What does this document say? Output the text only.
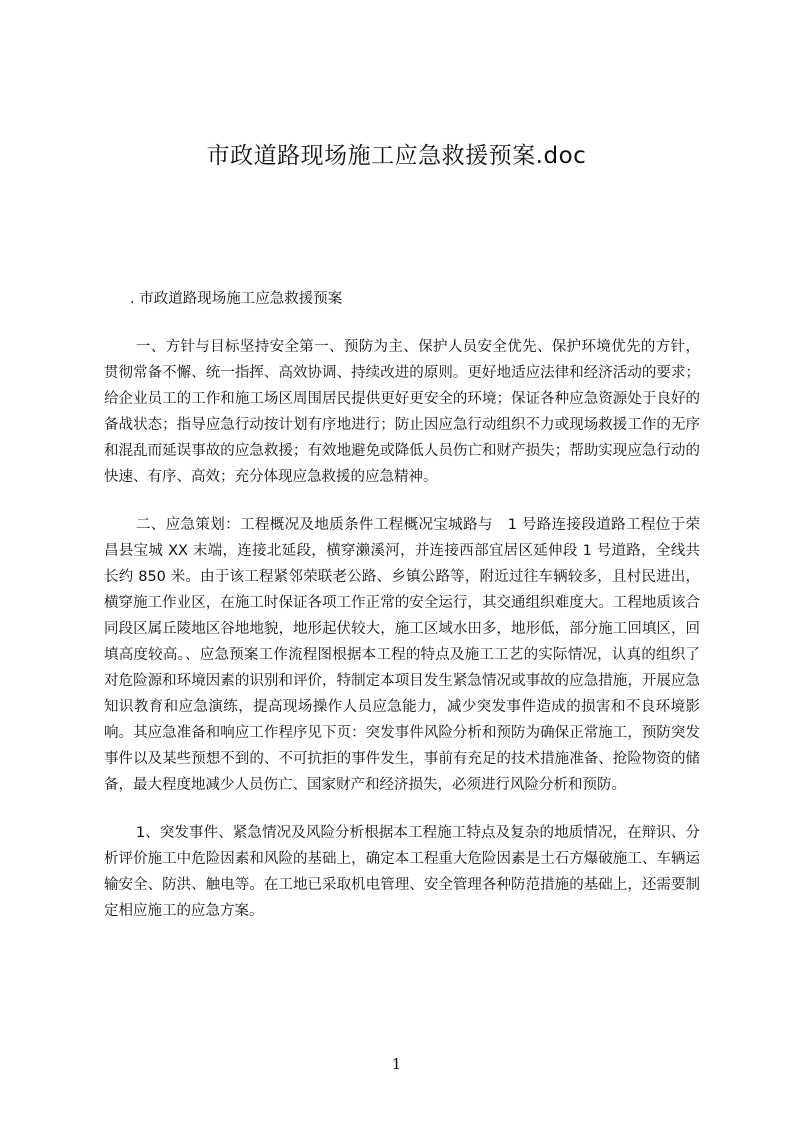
市政道路现场施工应急救援预案.doc

. 市政道路现场施工应急救援预案

一、方针与目标坚持安全第一、预防为主、保护人员安全优先、保护环境优先的方针，贯彻常备不懈、统一指挥、高效协调、持续改进的原则。更好地适应法律和经济活动的要求；给企业员工的工作和施工场区周围居民提供更好更安全的环境；保证各种应急资源处于良好的备战状态；指导应急行动按计划有序地进行；防止因应急行动组织不力或现场救援工作的无序和混乱而延误事故的应急救援；有效地避免或降低人员伤亡和财产损失；帮助实现应急行动的快速、有序、高效；充分体现应急救援的应急精神。

二、应急策划：工程概况及地质条件工程概况宝城路与　1 号路连接段道路工程位于荣昌县宝城 XX 末端，连接北延段，横穿濑溪河，并连接西部宜居区延伸段 1 号道路，全线共长约 850 米。由于该工程紧邻荣联老公路、乡镇公路等，附近过往车辆较多，且村民进出，横穿施工作业区，在施工时保证各项工作正常的安全运行，其交通组织难度大。工程地质该合同段区属丘陵地区谷地地貌，地形起伏较大，施工区域水田多，地形低，部分施工回填区，回填高度较高。、应急预案工作流程图根据本工程的特点及施工工艺的实际情况，认真的组织了对危险源和环境因素的识别和评价，特制定本项目发生紧急情况或事故的应急措施，开展应急知识教育和应急演练，提高现场操作人员应急能力，减少突发事件造成的损害和不良环境影响。其应急准备和响应工作程序见下页：突发事件风险分析和预防为确保正常施工，预防突发事件以及某些预想不到的、不可抗拒的事件发生，事前有充足的技术措施准备、抢险物资的储备，最大程度地减少人员伤亡、国家财产和经济损失，必须进行风险分析和预防。

1、突发事件、紧急情况及风险分析根据本工程施工特点及复杂的地质情况，在辩识、分析评价施工中危险因素和风险的基础上，确定本工程重大危险因素是土石方爆破施工、车辆运输安全、防洪、触电等。在工地已采取机电管理、安全管理各种防范措施的基础上，还需要制定相应施工的应急方案。

1
